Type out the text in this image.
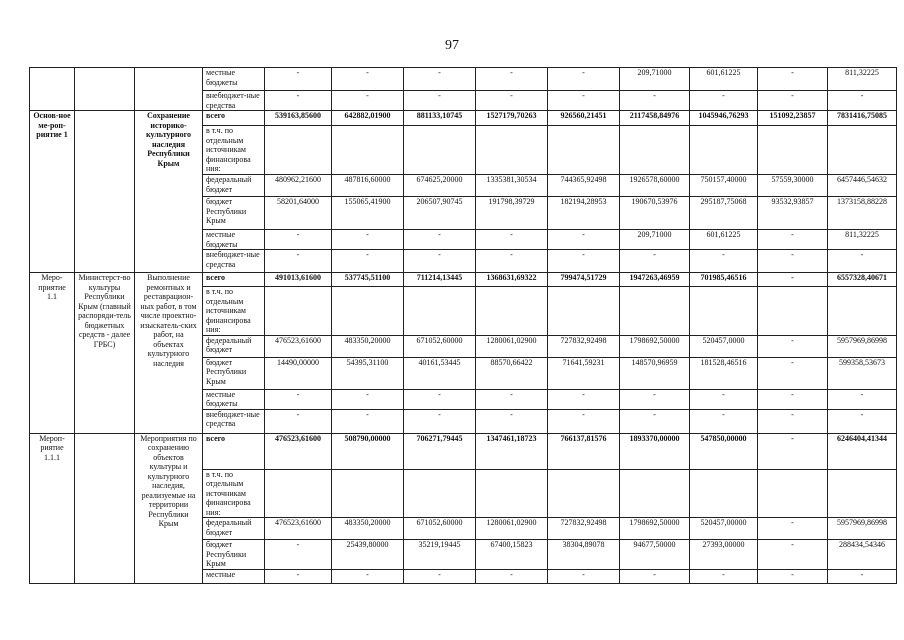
97
			местные бюджеты	-	-	-	-	-	209,71000	601,61225	-	811,32225
			внебюджет-ные средства	-	-	-	-	-	-	-	-	-
Основ-ное ме-роп-риятие 1		Сохранение историко-культурного наследия Республики Крым	всего	539163,85600	642882,01900	881133,10745	1527179,70263	926560,21451	2117458,84976	1045946,76293	151092,23857	7831416,75085
			в т.ч. по отдельным источникам финансирова ния:									
			федеральный бюджет	480962,21600	487816,60000	674625,20000	1335381,30534	744365,92498	1926578,60000	750157,40000	57559,30000	6457446,54632
			бюджет Республики Крым	58201,64000	155065,41900	206507,90745	191798,39729	182194,28953	190670,53976	295187,75068	93532,93857	1373158,88228
			местные бюджеты	-	-	-	-	-	209,71000	601,61225	-	811,32225
			внебюджет-ные средства	-	-	-	-	-	-	-	-	-
Меро-приятие 1.1	Министерст-во культуры Республики Крым (главный распоряди-тель бюджетных средств - далее ГРБС)	Выполнение ремонтных и реставрацион-ных работ, в том числе проектно-изыскатель-ских работ, на объектах культурного наследия	всего	491013,61600	537745,51100	711214,13445	1368631,69322	799474,51729	1947263,46959	701985,46516	-	6557328,40671
			в т.ч. по отдельным источникам финансирова ния:									
			федеральный бюджет	476523,61600	483350,20000	671052,60000	1280061,02900	727832,92498	1798692,50000	520457,0000	-	5957969,86998
			бюджет Республики Крым	14490,00000	54395,31100	40161,53445	88570,66422	71641,59231	148570,96959	181528,46516	-	599358,53673
			местные бюджеты	-	-	-	-	-	-	-	-	-
			внебюджет-ные средства	-	-	-	-	-	-	-	-	-
Мероп-риятие 1.1.1		Мероприятия по сохранению объектов культуры и культурного наследия, реализуемые на территории Республики Крым	всего	476523,61600	508790,00000	706271,79445	1347461,18723	766137,81576	1893370,00000	547850,00000	-	6246404,41344
			в т.ч. по отдельным источникам финансирова ния:									
			федеральный бюджет	476523,61600	483350,20000	671052,60000	1280061,02900	727832,92498	1798692,50000	520457,00000	-	5957969,86998
			бюджет Республики Крым	-	25439,80000	35219,19445	67400,15823	38304,89078	94677,50000	27393,00000	-	288434,54346
			местные	-	-	-	-	-	-	-	-	-
